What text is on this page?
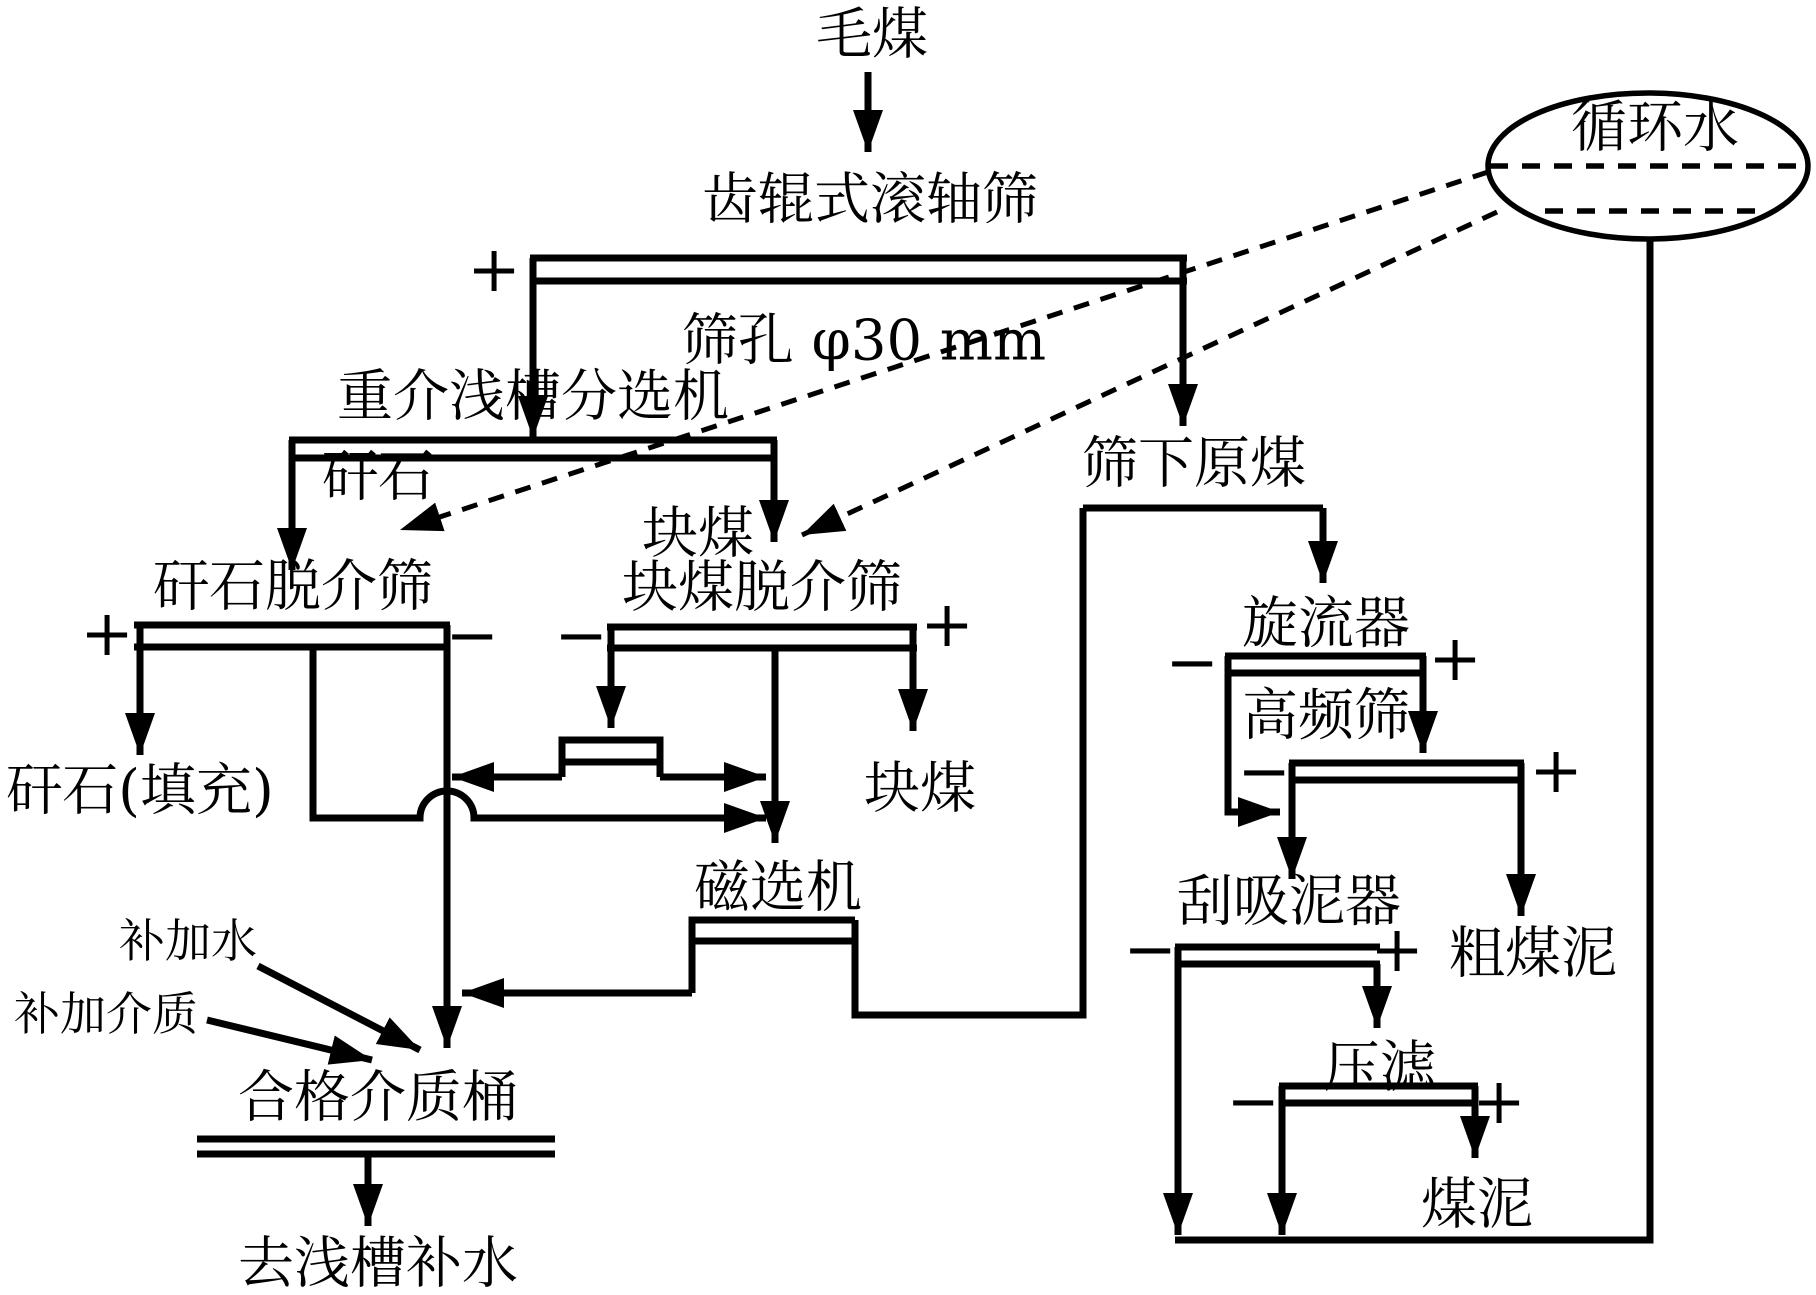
毛煤
齿辊式滚轴筛
筛孔 φ30 mm
重介浅槽分选机
矸石
块煤
矸石脱介筛	块煤脱介筛
筛下原煤
旋流器
高频筛
矸石(填充)	块煤
磁选机	刮吸泥器
粗煤泥
压滤
煤泥
补加水
补加介质
合格介质桶
去浅槽补水
循环水
+
+	− −	+
−	+
−	+
−	+
−	+
